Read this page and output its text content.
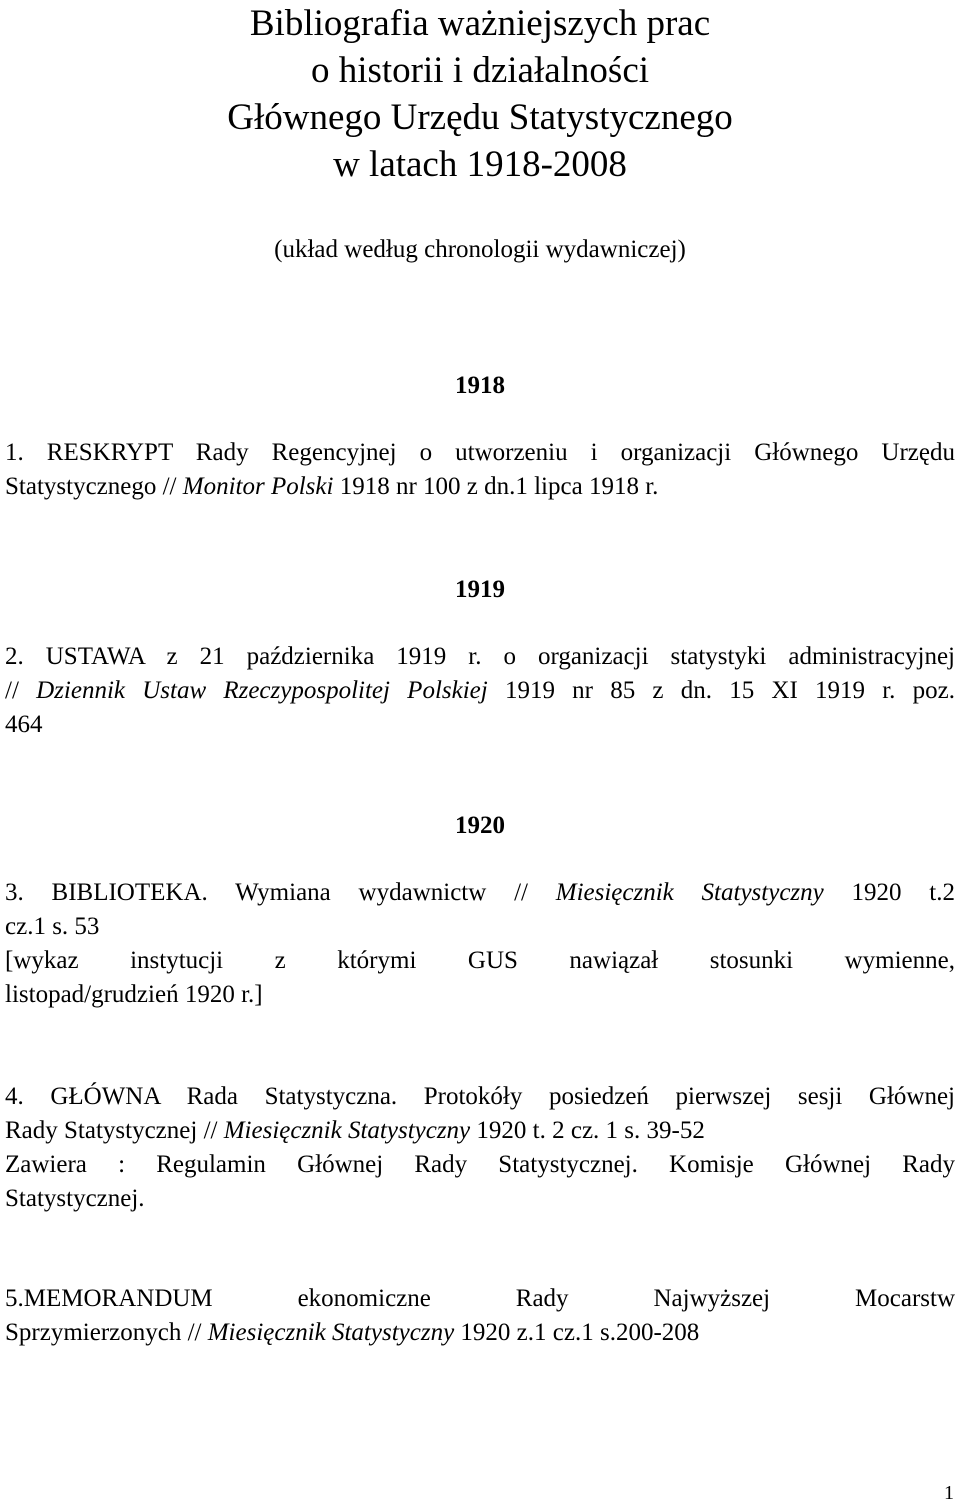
Bibliografia ważniejszych prac
o historii i działalności
Głównego Urzędu Statystycznego
w latach 1918-2008
(układ według chronologii wydawniczej)
1918
1. RESKRYPT Rady Regencyjnej o utworzeniu i organizacji Głównego Urzędu
Statystycznego // Monitor Polski 1918 nr 100 z dn.1 lipca 1918 r.
1919
2. USTAWA z 21 października 1919 r. o organizacji statystyki administracyjnej
// Dziennik Ustaw Rzeczypospolitej Polskiej 1919 nr 85 z dn. 15 XI 1919 r. poz.
464
1920
3. BIBLIOTEKA. Wymiana wydawnictw // Miesięcznik Statystyczny 1920 t.2
cz.1 s. 53
[wykaz instytucji z którymi GUS nawiązał stosunki wymienne,
listopad/grudzień 1920 r.]
4. GŁÓWNA Rada Statystyczna. Protokóły posiedzeń pierwszej sesji Głównej
Rady Statystycznej // Miesięcznik Statystyczny 1920 t. 2 cz. 1 s. 39-52
Zawiera : Regulamin Głównej Rady Statystycznej. Komisje Głównej Rady
Statystycznej.
5.MEMORANDUM ekonomiczne Rady Najwyższej Mocarstw
Sprzymierzonych // Miesięcznik Statystyczny 1920 z.1 cz.1 s.200-208
1
